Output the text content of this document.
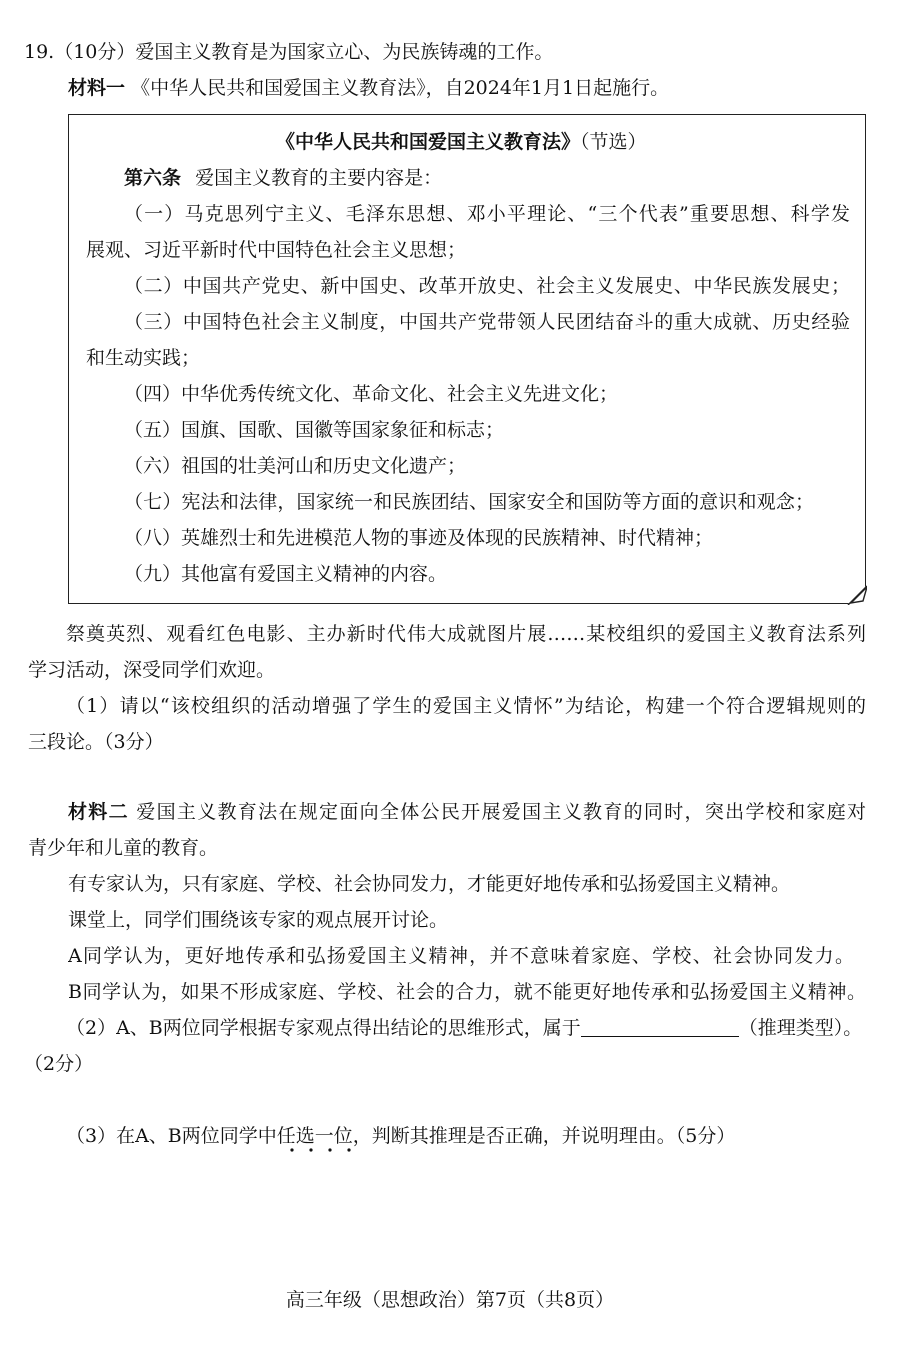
19.（10分）爱国主义教育是为国家立心、为民族铸魂的工作。
材料一 《中华人民共和国爱国主义教育法》，自2024年1月1日起施行。
《中华人民共和国爱国主义教育法》（节选）
第六条 爱国主义教育的主要内容是：
（一）马克思列宁主义、毛泽东思想、邓小平理论、“三个代表”重要思想、科学发
展观、习近平新时代中国特色社会主义思想；
（二）中国共产党史、新中国史、改革开放史、社会主义发展史、中华民族发展史；
（三）中国特色社会主义制度，中国共产党带领人民团结奋斗的重大成就、历史经验
和生动实践；
（四）中华优秀传统文化、革命文化、社会主义先进文化；
（五）国旗、国歌、国徽等国家象征和标志；
（六）祖国的壮美河山和历史文化遗产；
（七）宪法和法律，国家统一和民族团结、国家安全和国防等方面的意识和观念；
（八）英雄烈士和先进模范人物的事迹及体现的民族精神、时代精神；
（九）其他富有爱国主义精神的内容。
祭奠英烈、观看红色电影、主办新时代伟大成就图片展……某校组织的爱国主义教育法系列
学习活动，深受同学们欢迎。
（1）请以“该校组织的活动增强了学生的爱国主义情怀”为结论，构建一个符合逻辑规则的
三段论。（3分）
材料二 爱国主义教育法在规定面向全体公民开展爱国主义教育的同时，突出学校和家庭对
青少年和儿童的教育。
有专家认为，只有家庭、学校、社会协同发力，才能更好地传承和弘扬爱国主义精神。
课堂上，同学们围绕该专家的观点展开讨论。
A同学认为，更好地传承和弘扬爱国主义精神，并不意味着家庭、学校、社会协同发力。
B同学认为，如果不形成家庭、学校、社会的合力，就不能更好地传承和弘扬爱国主义精神。
（2）A、B两位同学根据专家观点得出结论的思维形式，属于	（推理类型）。
（2分）
（3）在A、B两位同学中任选一位，判断其推理是否正确，并说明理由。（5分）
高三年级（思想政治）第7页（共8页）
